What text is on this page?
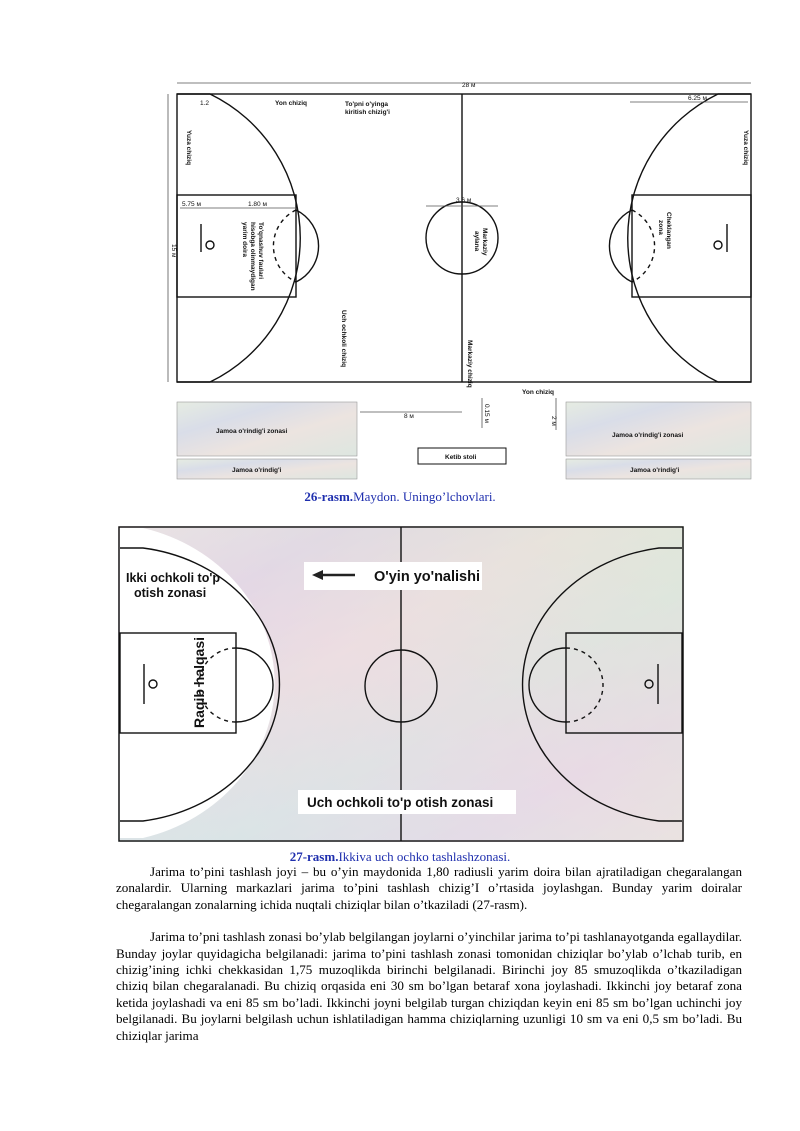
28 м
Yon chiziq	To'pni o'yinga
kiritish chizig'i
1.2
6.25 м
5.75 м	1.80 м
3.6 м
Yuza chiziq	Yuza chiziq
15 м	To'qnashuv faulari
hisobga olinmaydigan
yarim doira	Markaziy
aylana	Cheklangan
zona
Uch ochkoli chiziq	Markaziy chiziq
Yon chiziq
8 м	0.15 м	2 м
Jamoa o'rindig'i zonasi
Jamoa o'rindig'i zonasi
Ketib stoli
Jamoa o'rindig'i	Jamoa o'rindig'i
26-rasm.Maydon. Uningo’lchovlari.
Ikki ochkoli to'p
otish zonasi
O'yin yo'nalishi
Raqib halqasi
Uch ochkoli to'p otish zonasi
27-rasm.Ikkiva uch ochko tashlashzonasi.

Jarima to’pini tashlash joyi – bu o’yin maydonida 1,80 radiusli yarim doira bilan ajratiladigan chegaralangan zonalardir. Ularning markazlari jarima to’pini tashlash chizig’I o’rtasida joylashgan. Bunday yarim doiralar chegaralangan zonalarning ichida nuqtali chiziqlar bilan o’tkaziladi (27-rasm).

Jarima to’pni tashlash zonasi bo’ylab belgilangan joylarni o’yinchilar jarima to’pi tashlanayotganda egallaydilar. Bunday joylar quyidagicha belgilanadi: jarima to’pini tashlash zonasi tomonidan chiziqlar bo’ylab o’lchab turib, en chizig’ining ichki chekkasidan 1,75 muzoqlikda birinchi belgilanadi. Birinchi joy 85 smuzoqlikda o’tkaziladigan chiziq bilan chegaralanadi. Bu chiziq orqasida eni 30 sm bo’lgan betaraf xona joylashadi. Ikkinchi joy betaraf zona ketida joylashadi va eni 85 sm bo’ladi. Ikkinchi joyni belgilab turgan chiziqdan keyin eni 85 sm bo’lgan uchinchi joy belgilanadi. Bu joylarni belgilash uchun ishlatiladigan hamma chiziqlarning uzunligi 10 sm va eni 0,5 sm bo’ladi. Bu chiziqlar jarima
